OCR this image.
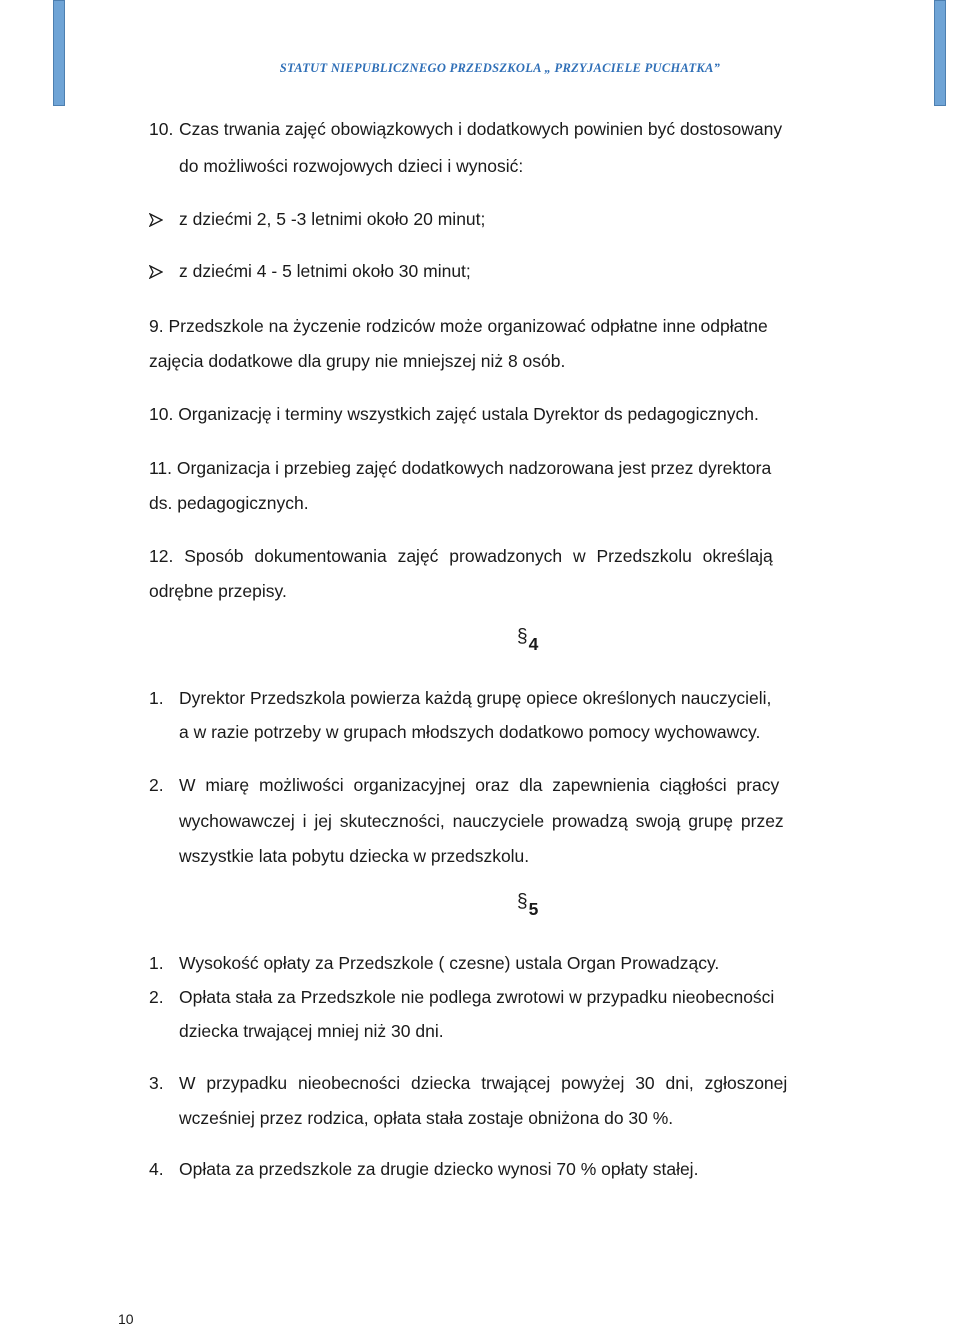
STATUT NIEPUBLICZNEGO PRZEDSZKOLA „ PRZYJACIELE PUCHATKA”
10. Czas trwania zajęć obowiązkowych i dodatkowych powinien być dostosowany
do możliwości rozwojowych dzieci i wynosić:
z dziećmi 2, 5 -3 letnimi około 20 minut;
z dziećmi 4 - 5 letnimi około 30 minut;
9. Przedszkole na życzenie rodziców może organizować odpłatne inne odpłatne
zajęcia dodatkowe dla grupy nie mniejszej niż 8 osób.
10. Organizację i terminy wszystkich zajęć ustala Dyrektor ds pedagogicznych.
11. Organizacja i przebieg zajęć dodatkowych nadzorowana jest przez dyrektora
ds. pedagogicznych.
12. Sposób dokumentowania zajęć prowadzonych w Przedszkolu określają
odrębne przepisy.
§4
1. Dyrektor Przedszkola powierza każdą grupę opiece określonych nauczycieli,
a w razie potrzeby w grupach młodszych dodatkowo pomocy wychowawcy.
2. W miarę możliwości organizacyjnej oraz dla zapewnienia ciągłości pracy
wychowawczej i jej skuteczności, nauczyciele prowadzą swoją grupę przez
wszystkie lata pobytu dziecka w przedszkolu.
§5
1. Wysokość opłaty za Przedszkole ( czesne) ustala Organ Prowadzący.
2. Opłata stała za Przedszkole nie podlega zwrotowi w przypadku nieobecności
dziecka trwającej mniej niż 30 dni.
3. W przypadku nieobecności dziecka trwającej powyżej 30 dni, zgłoszonej
wcześniej przez rodzica, opłata stała zostaje obniżona do 30 %.
4. Opłata za przedszkole za drugie dziecko wynosi 70 % opłaty stałej.
10
